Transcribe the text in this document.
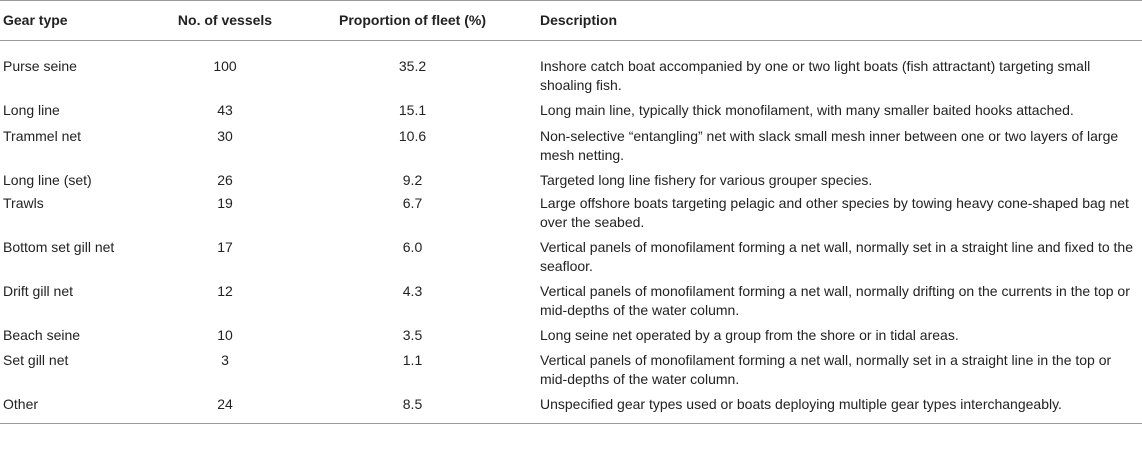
Gear type	No. of vessels	Proportion of fleet (%)	Description
Purse seine	100	35.2	Inshore catch boat accompanied by one or two light boats (fish attractant) targeting small shoaling fish.
Long line	43	15.1	Long main line, typically thick monofilament, with many smaller baited hooks attached.
Trammel net	30	10.6	Non-selective “entangling” net with slack small mesh inner between one or two layers of large mesh netting.
Long line (set)	26	9.2	Targeted long line fishery for various grouper species.
Trawls	19	6.7	Large offshore boats targeting pelagic and other species by towing heavy cone-shaped bag net over the seabed.
Bottom set gill net	17	6.0	Vertical panels of monofilament forming a net wall, normally set in a straight line and fixed to the seafloor.
Drift gill net	12	4.3	Vertical panels of monofilament forming a net wall, normally drifting on the currents in the top or mid-depths of the water column.
Beach seine	10	3.5	Long seine net operated by a group from the shore or in tidal areas.
Set gill net	3	1.1	Vertical panels of monofilament forming a net wall, normally set in a straight line in the top or mid-depths of the water column.
Other	24	8.5	Unspecified gear types used or boats deploying multiple gear types interchangeably.
